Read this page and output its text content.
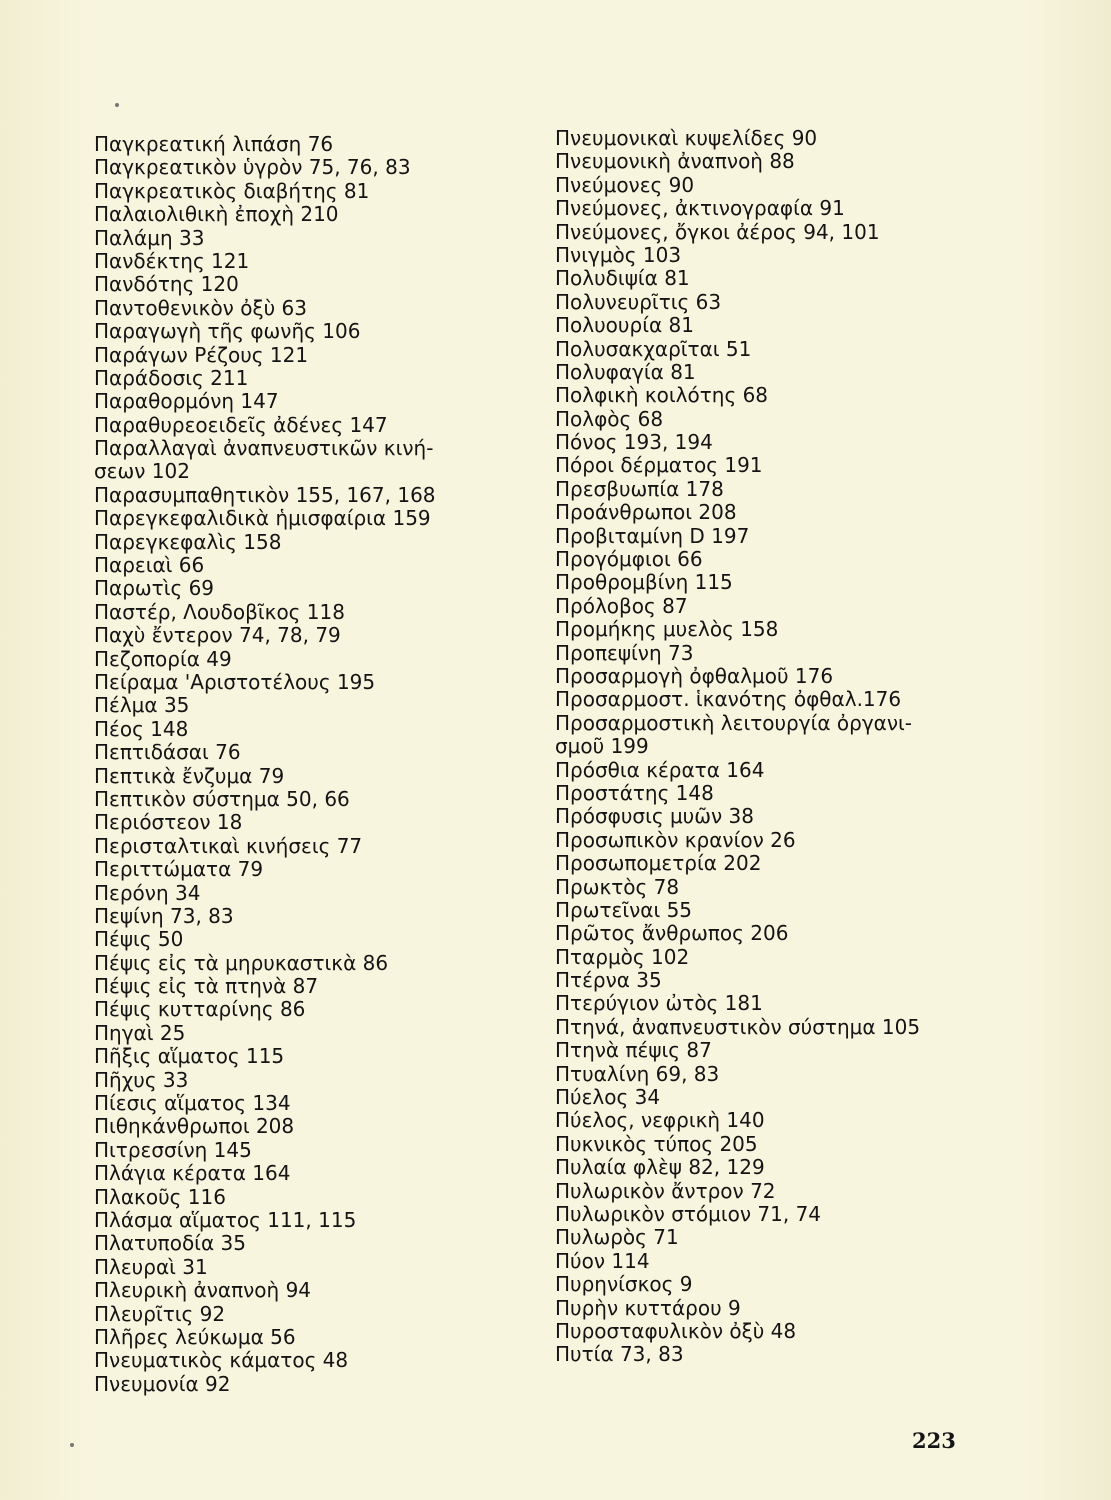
Παγκρεατική λιπάση 76
Παγκρεατικὸν ὑγρὸν 75, 76, 83
Παγκρεατικὸς διαβήτης 81
Παλαιολιθικὴ ἐποχὴ 210
Παλάμη 33
Πανδέκτης 121
Πανδότης 120
Παντοθενικὸν ὀξὺ 63
Παραγωγὴ τῆς φωνῆς 106
Παράγων Ρέζους 121
Παράδοσις 211
Παραθορμόνη 147
Παραθυρεοειδεῖς ἀδένες 147
Παραλλαγαὶ ἀναπνευστικῶν κινή-
σεων 102
Παρασυμπαθητικὸν 155, 167, 168
Παρεγκεφαλιδικὰ ἡμισφαίρια 159
Παρεγκεφαλὶς 158
Παρειαὶ 66
Παρωτὶς 69
Παστέρ, Λουδοβῖκος 118
Παχὺ ἔντερον 74, 78, 79
Πεζοπορία 49
Πείραμα 'Αριστοτέλους 195
Πέλμα 35
Πέος 148
Πεπτιδάσαι 76
Πεπτικὰ ἔνζυμα 79
Πεπτικὸν σύστημα 50, 66
Περιόστεον 18
Περισταλτικαὶ κινήσεις 77
Περιττώματα 79
Περόνη 34
Πεψίνη 73, 83
Πέψις 50
Πέψις εἰς τὰ μηρυκαστικὰ 86
Πέψις εἰς τὰ πτηνὰ 87
Πέψις κυτταρίνης 86
Πηγαὶ 25
Πῆξις αἵματος 115
Πῆχυς 33
Πίεσις αἵματος 134
Πιθηκάνθρωποι 208
Πιτρεσσίνη 145
Πλάγια κέρατα 164
Πλακοῦς 116
Πλάσμα αἵματος 111, 115
Πλατυποδία 35
Πλευραὶ 31
Πλευρικὴ ἀναπνοὴ 94
Πλευρῖτις 92
Πλῆρες λεύκωμα 56
Πνευματικὸς κάματος 48
Πνευμονία 92
Πνευμονικαὶ κυψελίδες 90
Πνευμονικὴ ἀναπνοὴ 88
Πνεύμονες 90
Πνεύμονες, ἀκτινογραφία 91
Πνεύμονες, ὄγκοι ἀέρος 94, 101
Πνιγμὸς 103
Πολυδιψία 81
Πολυνευρῖτις 63
Πολυουρία 81
Πολυσακχαρῖται 51
Πολυφαγία 81
Πολφικὴ κοιλότης 68
Πολφὸς 68
Πόνος 193, 194
Πόροι δέρματος 191
Πρεσβυωπία 178
Προάνθρωποι 208
Προβιταμίνη D 197
Προγόμφιοι 66
Προθρομβίνη 115
Πρόλοβος 87
Προμήκης μυελὸς 158
Προπεψίνη 73
Προσαρμογὴ ὀφθαλμοῦ 176
Προσαρμοστ. ἱκανότης ὀφθαλ.176
Προσαρμοστικὴ λειτουργία ὀργανι-
σμοῦ 199
Πρόσθια κέρατα 164
Προστάτης 148
Πρόσφυσις μυῶν 38
Προσωπικὸν κρανίον 26
Προσωπομετρία 202
Πρωκτὸς 78
Πρωτεῖναι 55
Πρῶτος ἄνθρωπος 206
Πταρμὸς 102
Πτέρνα 35
Πτερύγιον ὠτὸς 181
Πτηνά, ἀναπνευστικὸν σύστημα 105
Πτηνὰ πέψις 87
Πτυαλίνη 69, 83
Πύελος 34
Πύελος, νεφρικὴ 140
Πυκνικὸς τύπος 205
Πυλαία φλὲψ 82, 129
Πυλωρικὸν ἄντρον 72
Πυλωρικὸν στόμιον 71, 74
Πυλωρὸς 71
Πύον 114
Πυρηνίσκος 9
Πυρὴν κυττάρου 9
Πυροσταφυλικὸν ὀξὺ 48
Πυτία 73, 83
223
